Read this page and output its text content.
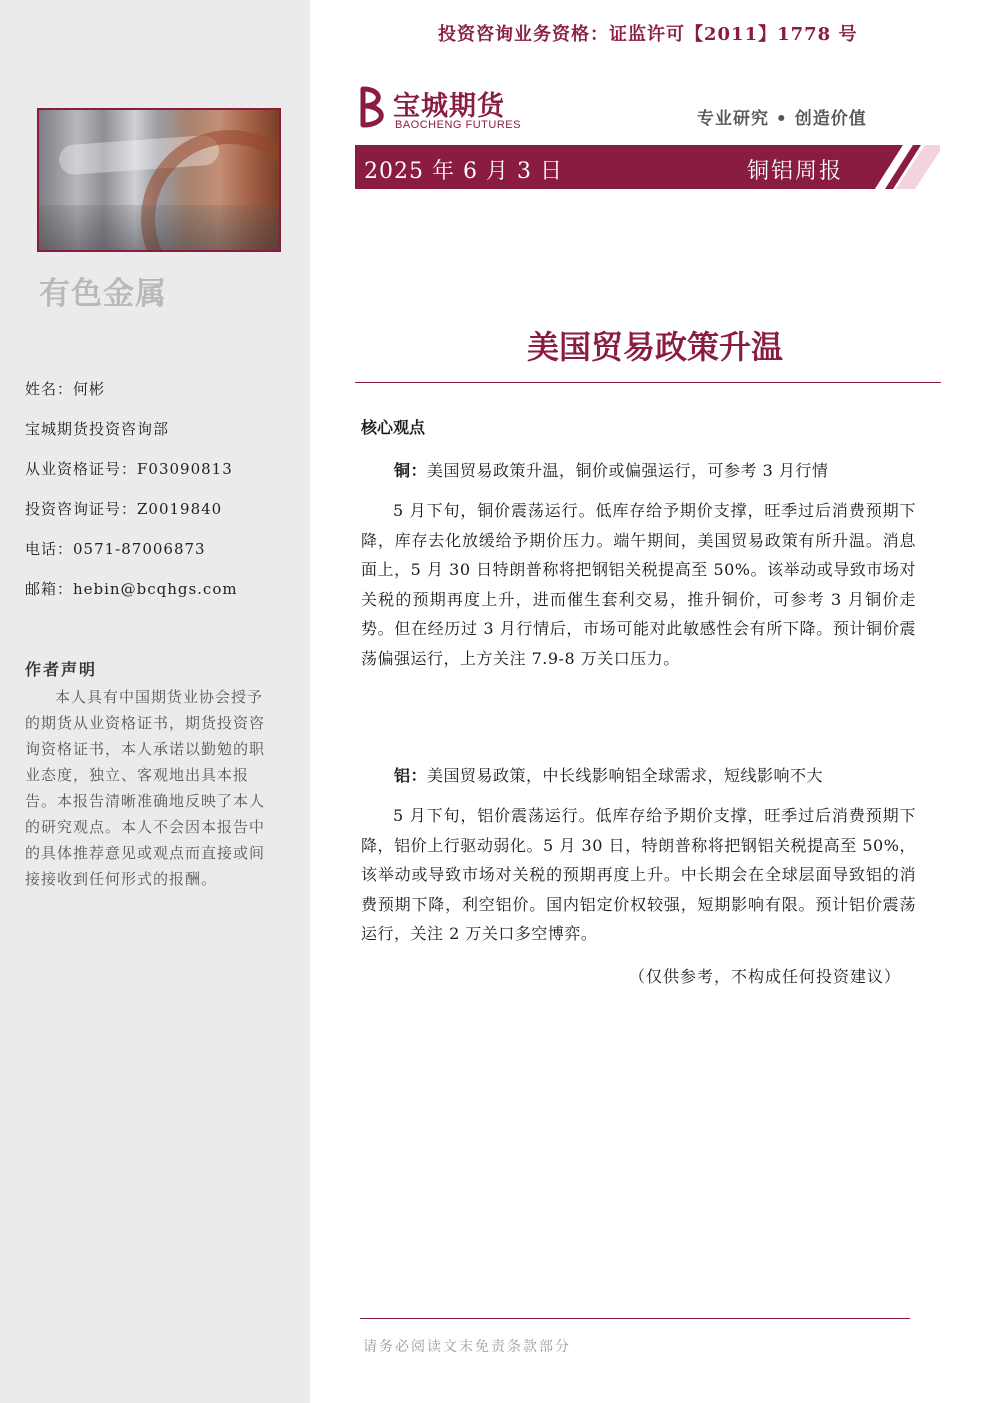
有色金属
姓名：何彬
宝城期货投资咨询部
从业资格证号：F03090813
投资咨询证号：Z0019840
电话：0571-87006873
邮箱：hebin@bcqhgs.com
作者声明
本人具有中国期货业协会授予的期货从业资格证书，期货投资咨询资格证书，本人承诺以勤勉的职业态度，独立、客观地出具本报告。本报告清晰准确地反映了本人的研究观点。本人不会因本报告中的具体推荐意见或观点而直接或间接接收到任何形式的报酬。
投资咨询业务资格：证监许可【2011】1778 号
宝城期货
BAOCHENG FUTURES	专业研究 • 创造价值
2025 年 6 月 3 日	铜铝周报
美国贸易政策升温
核心观点
铜：美国贸易政策升温，铜价或偏强运行，可参考 3 月行情
5 月下旬，铜价震荡运行。低库存给予期价支撑，旺季过后消费预期下降，库存去化放缓给予期价压力。端午期间，美国贸易政策有所升温。消息面上，5 月 30 日特朗普称将把钢铝关税提高至 50%。该举动或导致市场对关税的预期再度上升，进而催生套利交易，推升铜价，可参考 3 月铜价走势。但在经历过 3 月行情后，市场可能对此敏感性会有所下降。预计铜价震荡偏强运行，上方关注 7.9-8 万关口压力。
铝：美国贸易政策，中长线影响铝全球需求，短线影响不大
5 月下旬，铝价震荡运行。低库存给予期价支撑，旺季过后消费预期下降，铝价上行驱动弱化。5 月 30 日，特朗普称将把钢铝关税提高至 50%，该举动或导致市场对关税的预期再度上升。中长期会在全球层面导致铝的消费预期下降，利空铝价。国内铝定价权较强，短期影响有限。预计铝价震荡运行，关注 2 万关口多空博弈。
（仅供参考，不构成任何投资建议）
请务必阅读文末免责条款部分
